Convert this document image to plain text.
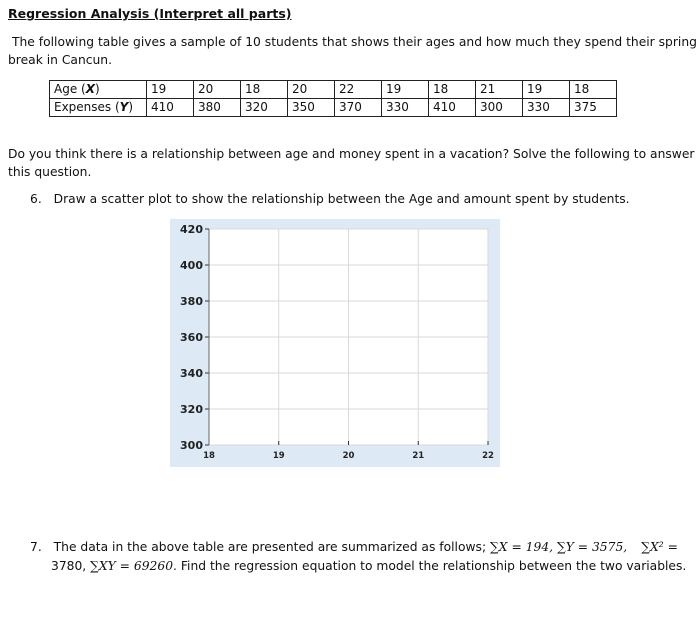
Regression Analysis (Interpret all parts)
The following table gives a sample of 10 students that shows their ages and how much they spend their spring
break in Cancun.
Age (X)	19	20	18	20	22	19	18	21	19	18
Expenses (Y)	410	380	320	350	370	330	410	300	330	375
Do you think there is a relationship between age and money spent in a vacation? Solve the following to answer
this question.
6. Draw a scatter plot to show the relationship between the Age and amount spent by students.
300
320
340
360
380
400
420
18	19	20	21	22
7. The data in the above table are presented are summarized as follows; ∑X = 194, ∑Y = 3575, ∑X² =
3780, ∑XY = 69260. Find the regression equation to model the relationship between the two variables.
